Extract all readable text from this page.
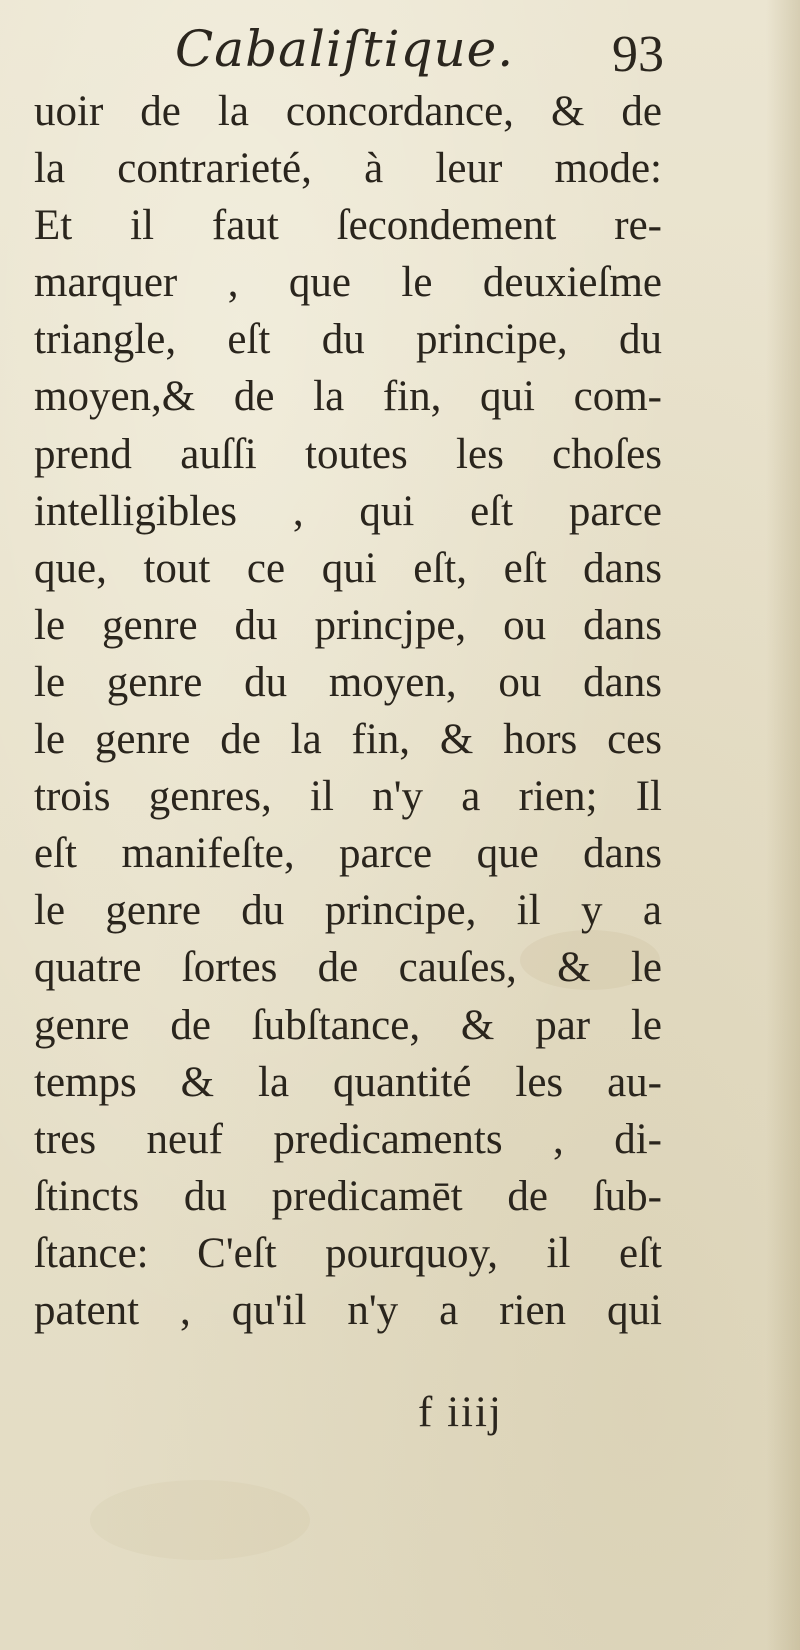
Cabaliſtique. 93
uoir de la concordance, & de
la contrarieté, à leur mode:
Et il faut ſecondement re-
marquer , que le deuxieſme
triangle, eſt du principe, du
moyen,& de la fin, qui com-
prend auſſi toutes les choſes
intelligibles , qui eſt parce
que, tout ce qui eſt, eſt dans
le genre du princjpe, ou dans
le genre du moyen, ou dans
le genre de la fin, & hors ces
trois genres, il n'y a rien; Il
eſt manifeſte, parce que dans
le genre du principe, il y a
quatre ſortes de cauſes, & le
genre de ſubſtance, & par le
temps & la quantité les au-
tres neuf predicaments , di-
ſtincts du predicamēt de ſub-
ſtance: C'eſt pourquoy, il eſt
patent , qu'il n'y a rien qui
f iiij
